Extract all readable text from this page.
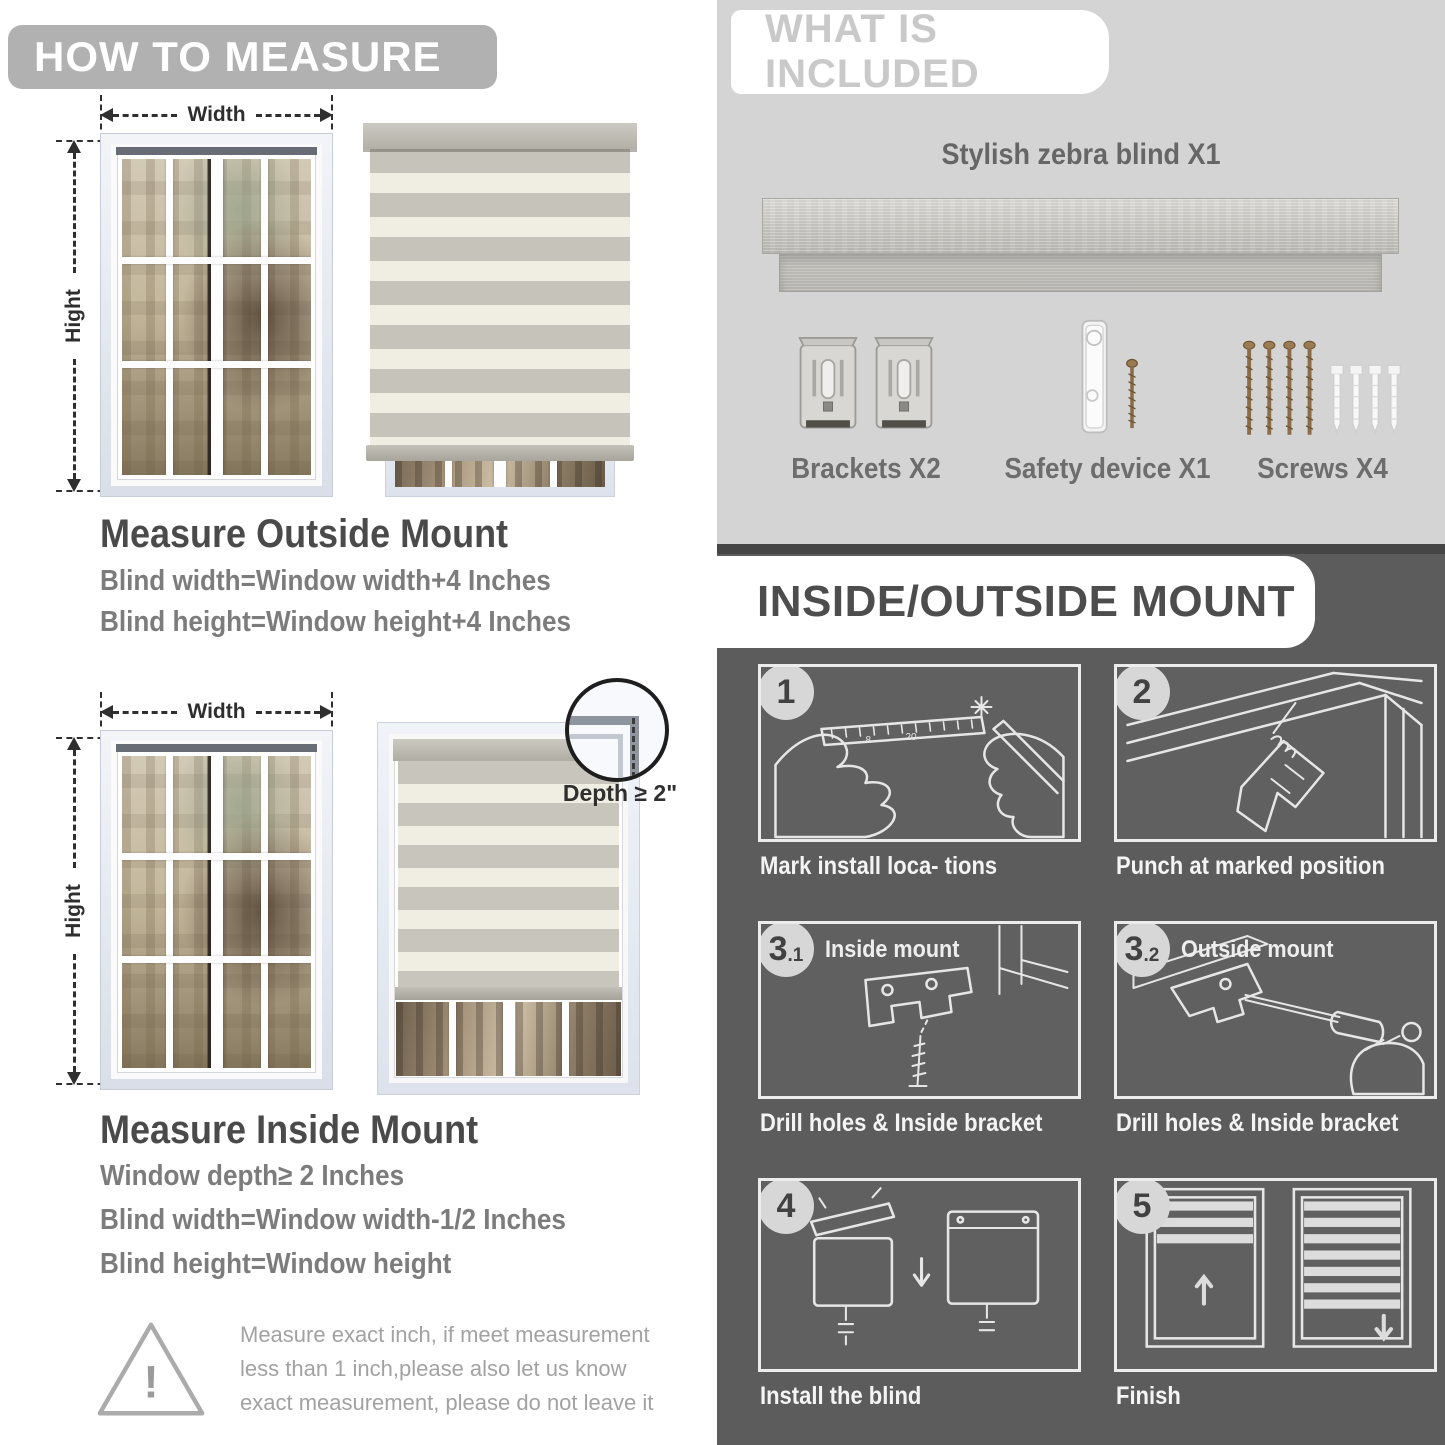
HOW TO MEASURE
Width
Hight
Measure Outside Mount
Blind width=Window width+4 Inches
Blind height=Window height+4 Inches
Width
Hight
Depth ≥ 2"
Measure Inside Mount
Window depth≥ 2 Inches
Blind width=Window width-1/2 Inches
Blind height=Window height
!
Measure exact inch, if meet measurement less than 1 inch,please also let us know exact measurement, please do not leave it
WHAT IS INCLUDED
Stylish zebra blind X1
Brackets X2	Safety device X1	Screws X4
INSIDE/OUTSIDE MOUNT
1
8	20
Mark install loca- tions
2
Punch at marked position
3 .1 Inside mount
Drill holes & Inside bracket
3 .2 Outside mount
Drill holes & Inside bracket
4
Install the blind
5
Finish
